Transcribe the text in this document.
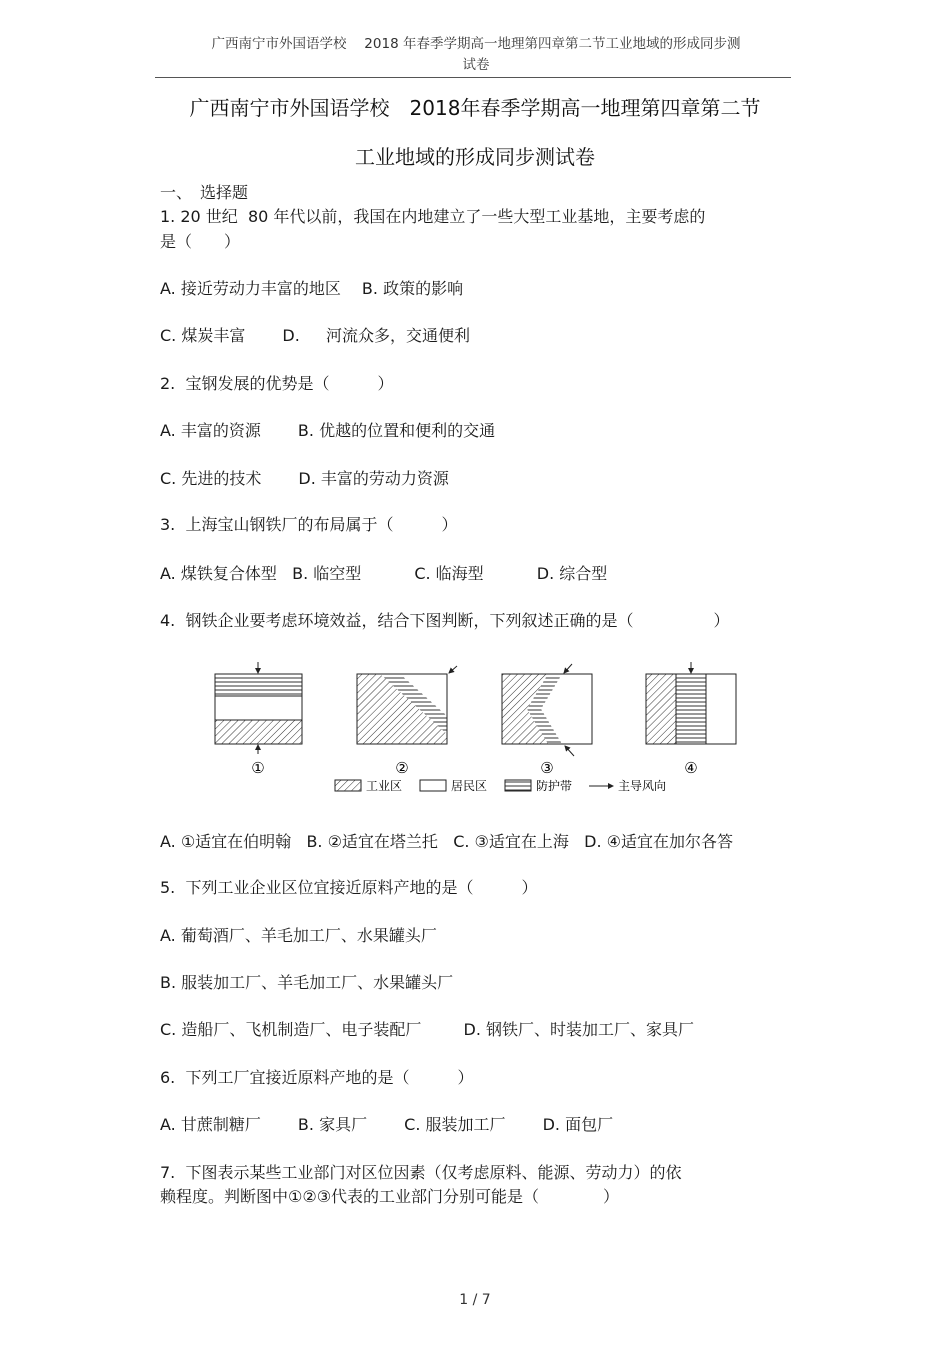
广西南宁市外国语学校　 2018 年春季学期高一地理第四章第二节工业地域的形成同步测
试卷
广西南宁市外国语学校　2018年春季学期高一地理第四章第二节
工业地域的形成同步测试卷
一、　选择题
1. 20 世纪  80 年代以前，我国在内地建立了一些大型工业基地，主要考虑的
是（　　）
A. 接近劳动力丰富的地区　 B. 政策的影响
C. 煤炭丰富　　 D.　  河流众多，交通便利
2.  宝钢发展的优势是（　　　）
A. 丰富的资源　　 B. 优越的位置和便利的交通
C. 先进的技术　　 D. 丰富的劳动力资源
3.  上海宝山钢铁厂的布局属于（　　　）
A. 煤铁复合体型   B. 临空型　　　 C. 临海型　　　 D. 综合型
4.  钢铁企业要考虑环境效益，结合下图判断，下列叙述正确的是（　　　　　）
①	②	③	④
工业区	居民区	防护带	主导风向
A. ①适宜在伯明翰   B. ②适宜在塔兰托   C. ③适宜在上海   D. ④适宜在加尔各答
5.  下列工业企业区位宜接近原料产地的是（　　　）
A. 葡萄酒厂、羊毛加工厂、水果罐头厂
B. 服装加工厂、羊毛加工厂、水果罐头厂
C. 造船厂、飞机制造厂、电子装配厂　　  D. 钢铁厂、时装加工厂、家具厂
6.  下列工厂宜接近原料产地的是（　　　）
A. 甘蔗制糖厂　　 B. 家具厂　　 C. 服装加工厂　　 D. 面包厂
7.  下图表示某些工业部门对区位因素（仅考虑原料、能源、劳动力）的依
赖程度。判断图中①②③代表的工业部门分别可能是（　　　　）
1 / 7
